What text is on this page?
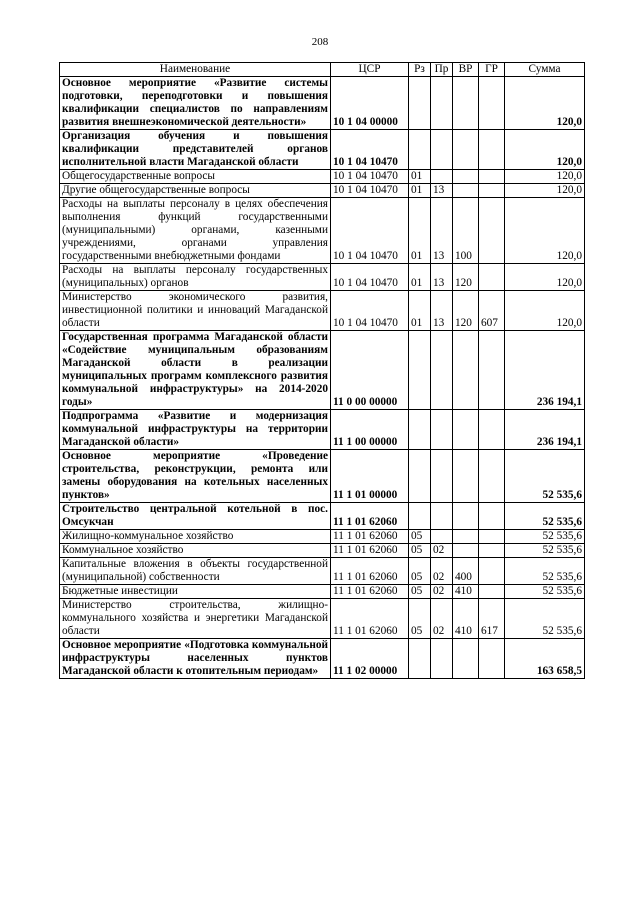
208
Наименование	ЦСР	Рз	Пр	ВР	ГР	Сумма
Основное мероприятие «Развитие системы подготовки, переподготовки и повышения квалификации специалистов по направлениям развития внешнеэкономической деятельности»	10 1 04 00000					120,0
Организация обучения и повышения квалификации представителей органов исполнительной власти Магаданской области	10 1 04 10470					120,0
Общегосударственные вопросы	10 1 04 10470	01				120,0
Другие общегосударственные вопросы	10 1 04 10470	01	13			120,0
Расходы на выплаты персоналу в целях обеспечения выполнения функций государственными (муниципальными) органами, казенными учреждениями, органами управления государственными внебюджетными фондами	10 1 04 10470	01	13	100		120,0
Расходы на выплаты персоналу государственных (муниципальных) органов	10 1 04 10470	01	13	120		120,0
Министерство экономического развития, инвестиционной политики и инноваций Магаданской области	10 1 04 10470	01	13	120	607	120,0
Государственная программа Магаданской области «Содействие муниципальным образованиям Магаданской области в реализации муниципальных программ комплексного развития коммунальной инфраструктуры» на 2014-2020 годы»	11 0 00 00000					236 194,1
Подпрограмма «Развитие и модернизация коммунальной инфраструктуры на территории Магаданской области»	11 1 00 00000					236 194,1
Основное мероприятие «Проведение строительства, реконструкции, ремонта или замены оборудования на котельных населенных пунктов»	11 1 01 00000					52 535,6
Строительство центральной котельной в пос. Омсукчан	11 1 01 62060					52 535,6
Жилищно-коммунальное хозяйство	11 1 01 62060	05				52 535,6
Коммунальное хозяйство	11 1 01 62060	05	02			52 535,6
Капитальные вложения в объекты государственной (муниципальной) собственности	11 1 01 62060	05	02	400		52 535,6
Бюджетные инвестиции	11 1 01 62060	05	02	410		52 535,6
Министерство строительства, жилищно-коммунального хозяйства и энергетики Магаданской области	11 1 01 62060	05	02	410	617	52 535,6
Основное мероприятие «Подготовка коммунальной инфраструктуры населенных пунктов Магаданской области к отопительным периодам»	11 1 02 00000					163 658,5
